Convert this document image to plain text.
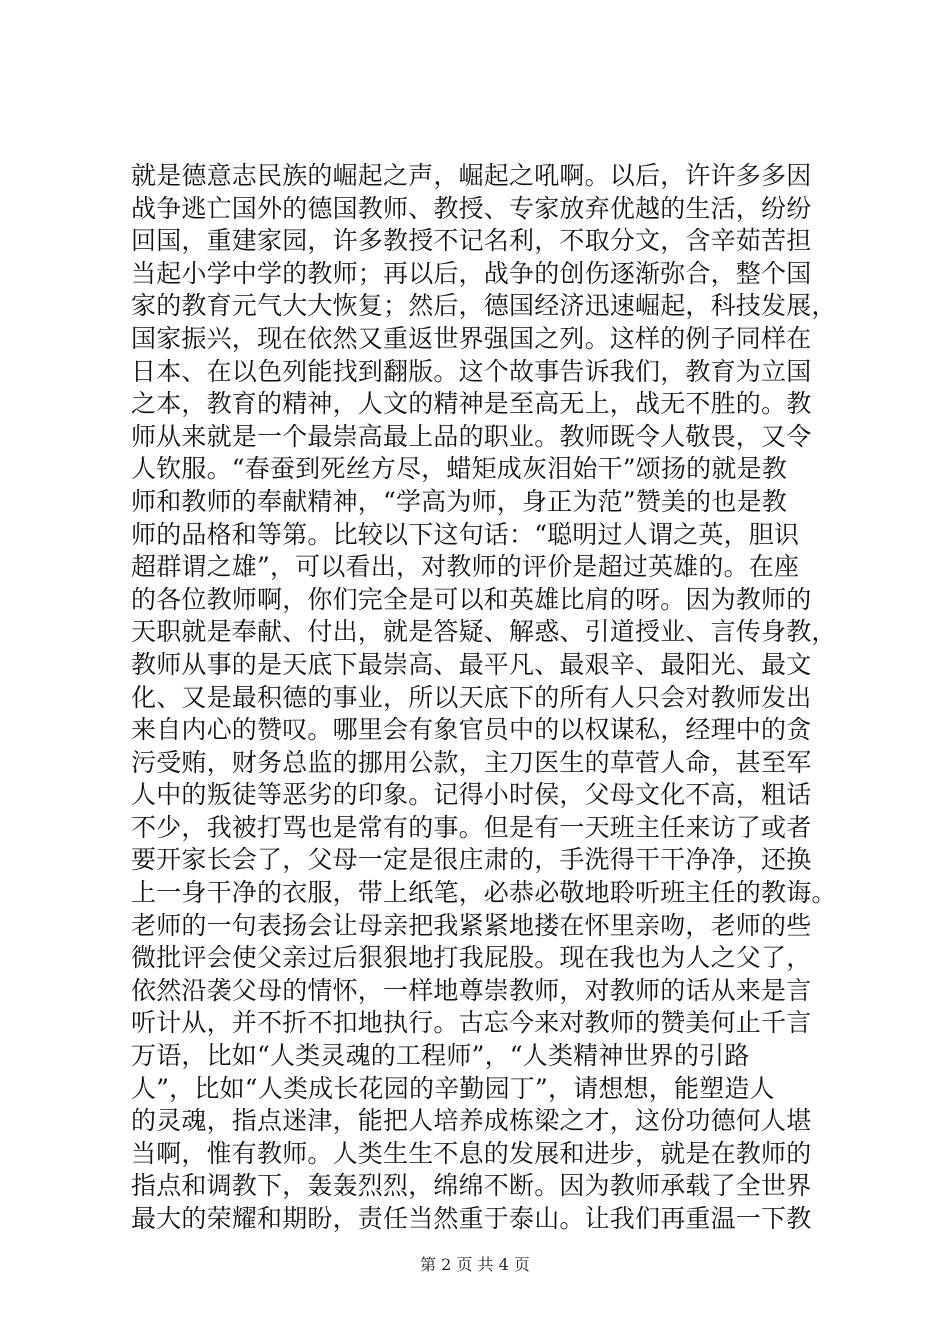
就是德意志民族的崛起之声，崛起之吼啊。以后，许许多多因
战争逃亡国外的德国教师、教授、专家放弃优越的生活，纷纷
回国，重建家园，许多教授不记名利，不取分文，含辛茹苦担
当起小学中学的教师；再以后，战争的创伤逐渐弥合，整个国
家的教育元气大大恢复；然后，德国经济迅速崛起，科技发展，
国家振兴，现在依然又重返世界强国之列。这样的例子同样在
日本、在以色列能找到翻版。这个故事告诉我们，教育为立国
之本，教育的精神，人文的精神是至高无上，战无不胜的。教
师从来就是一个最崇高最上品的职业。教师既令人敬畏，又令
人钦服。“春蚕到死丝方尽，蜡矩成灰泪始干”颂扬的就是教
师和教师的奉献精神，“学高为师，身正为范”赞美的也是教
师的品格和等第。比较以下这句话：“聪明过人谓之英，胆识
超群谓之雄”，可以看出，对教师的评价是超过英雄的。在座
的各位教师啊，你们完全是可以和英雄比肩的呀。因为教师的
天职就是奉献、付出，就是答疑、解惑、引道授业、言传身教，
教师从事的是天底下最崇高、最平凡、最艰辛、最阳光、最文
化、又是最积德的事业，所以天底下的所有人只会对教师发出
来自内心的赞叹。哪里会有象官员中的以权谋私，经理中的贪
污受贿，财务总监的挪用公款，主刀医生的草菅人命，甚至军
人中的叛徒等恶劣的印象。记得小时侯，父母文化不高，粗话
不少，我被打骂也是常有的事。但是有一天班主任来访了或者
要开家长会了，父母一定是很庄肃的，手洗得干干净净，还换
上一身干净的衣服，带上纸笔，必恭必敬地聆听班主任的教诲。
老师的一句表扬会让母亲把我紧紧地搂在怀里亲吻，老师的些
微批评会使父亲过后狠狠地打我屁股。现在我也为人之父了，
依然沿袭父母的情怀，一样地尊崇教师，对教师的话从来是言
听计从，并不折不扣地执行。古忘今来对教师的赞美何止千言
万语，比如“人类灵魂的工程师”，“人类精神世界的引路
人”，比如“人类成长花园的辛勤园丁”，请想想，能塑造人
的灵魂，指点迷津，能把人培养成栋梁之才，这份功德何人堪
当啊，惟有教师。人类生生不息的发展和进步，就是在教师的
指点和调教下，轰轰烈烈，绵绵不断。因为教师承载了全世界
最大的荣耀和期盼，责任当然重于泰山。让我们再重温一下教
第 2 页 共 4 页
